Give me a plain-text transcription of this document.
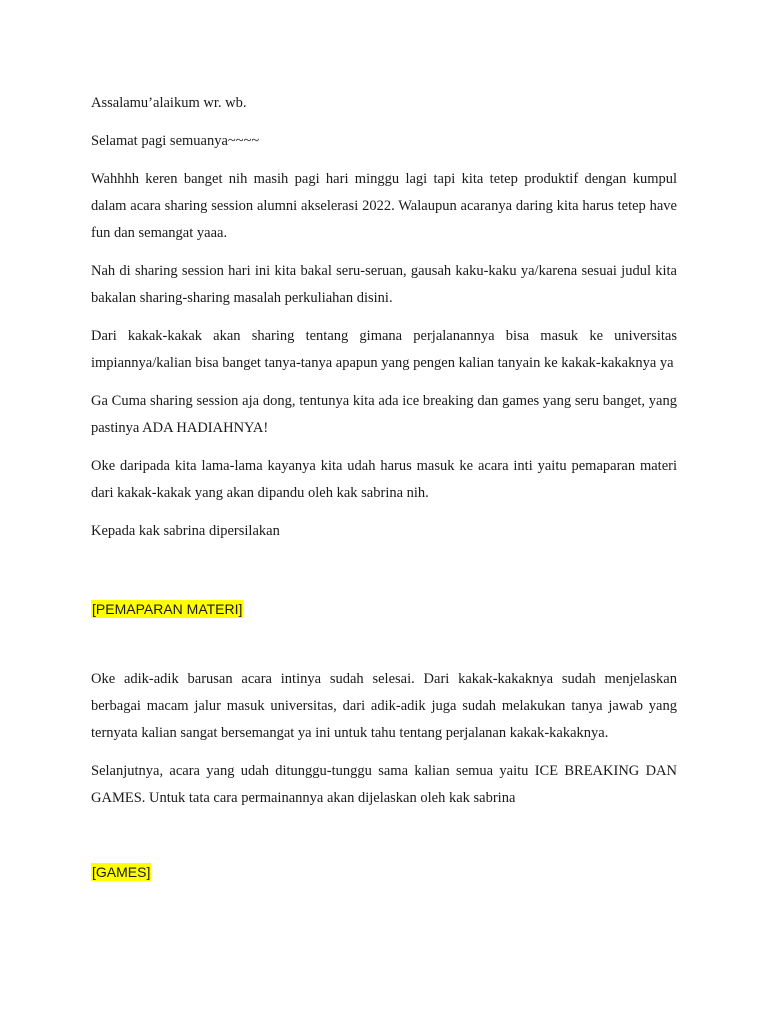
Assalamu’alaikum wr. wb.

Selamat pagi semuanya~~~~

Wahhhh keren banget nih masih pagi hari minggu lagi tapi kita tetep produktif dengan kumpul dalam acara sharing session alumni akselerasi 2022. Walaupun acaranya daring kita harus tetep have fun dan semangat yaaa.

Nah di sharing session hari ini kita bakal seru-seruan, gausah kaku-kaku ya/karena sesuai judul kita bakalan sharing-sharing masalah perkuliahan disini.

Dari kakak-kakak akan sharing tentang gimana perjalanannya bisa masuk ke universitas impiannya/kalian bisa banget tanya-tanya apapun yang pengen kalian tanyain ke kakak-kakaknya ya

Ga Cuma sharing session aja dong, tentunya kita ada ice breaking dan games yang seru banget, yang pastinya ADA HADIAHNYA!

Oke daripada kita lama-lama kayanya kita udah harus masuk ke acara inti yaitu pemaparan materi dari kakak-kakak yang akan dipandu oleh kak sabrina nih.

Kepada kak sabrina dipersilakan

[PEMAPARAN MATERI]

Oke adik-adik barusan acara intinya sudah selesai. Dari kakak-kakaknya sudah menjelaskan berbagai macam jalur masuk universitas, dari adik-adik juga sudah melakukan tanya jawab yang ternyata kalian sangat bersemangat ya ini untuk tahu tentang perjalanan kakak-kakaknya.

Selanjutnya, acara yang udah ditunggu-tunggu sama kalian semua yaitu ICE BREAKING DAN GAMES. Untuk tata cara permainannya akan dijelaskan oleh kak sabrina

[GAMES]
